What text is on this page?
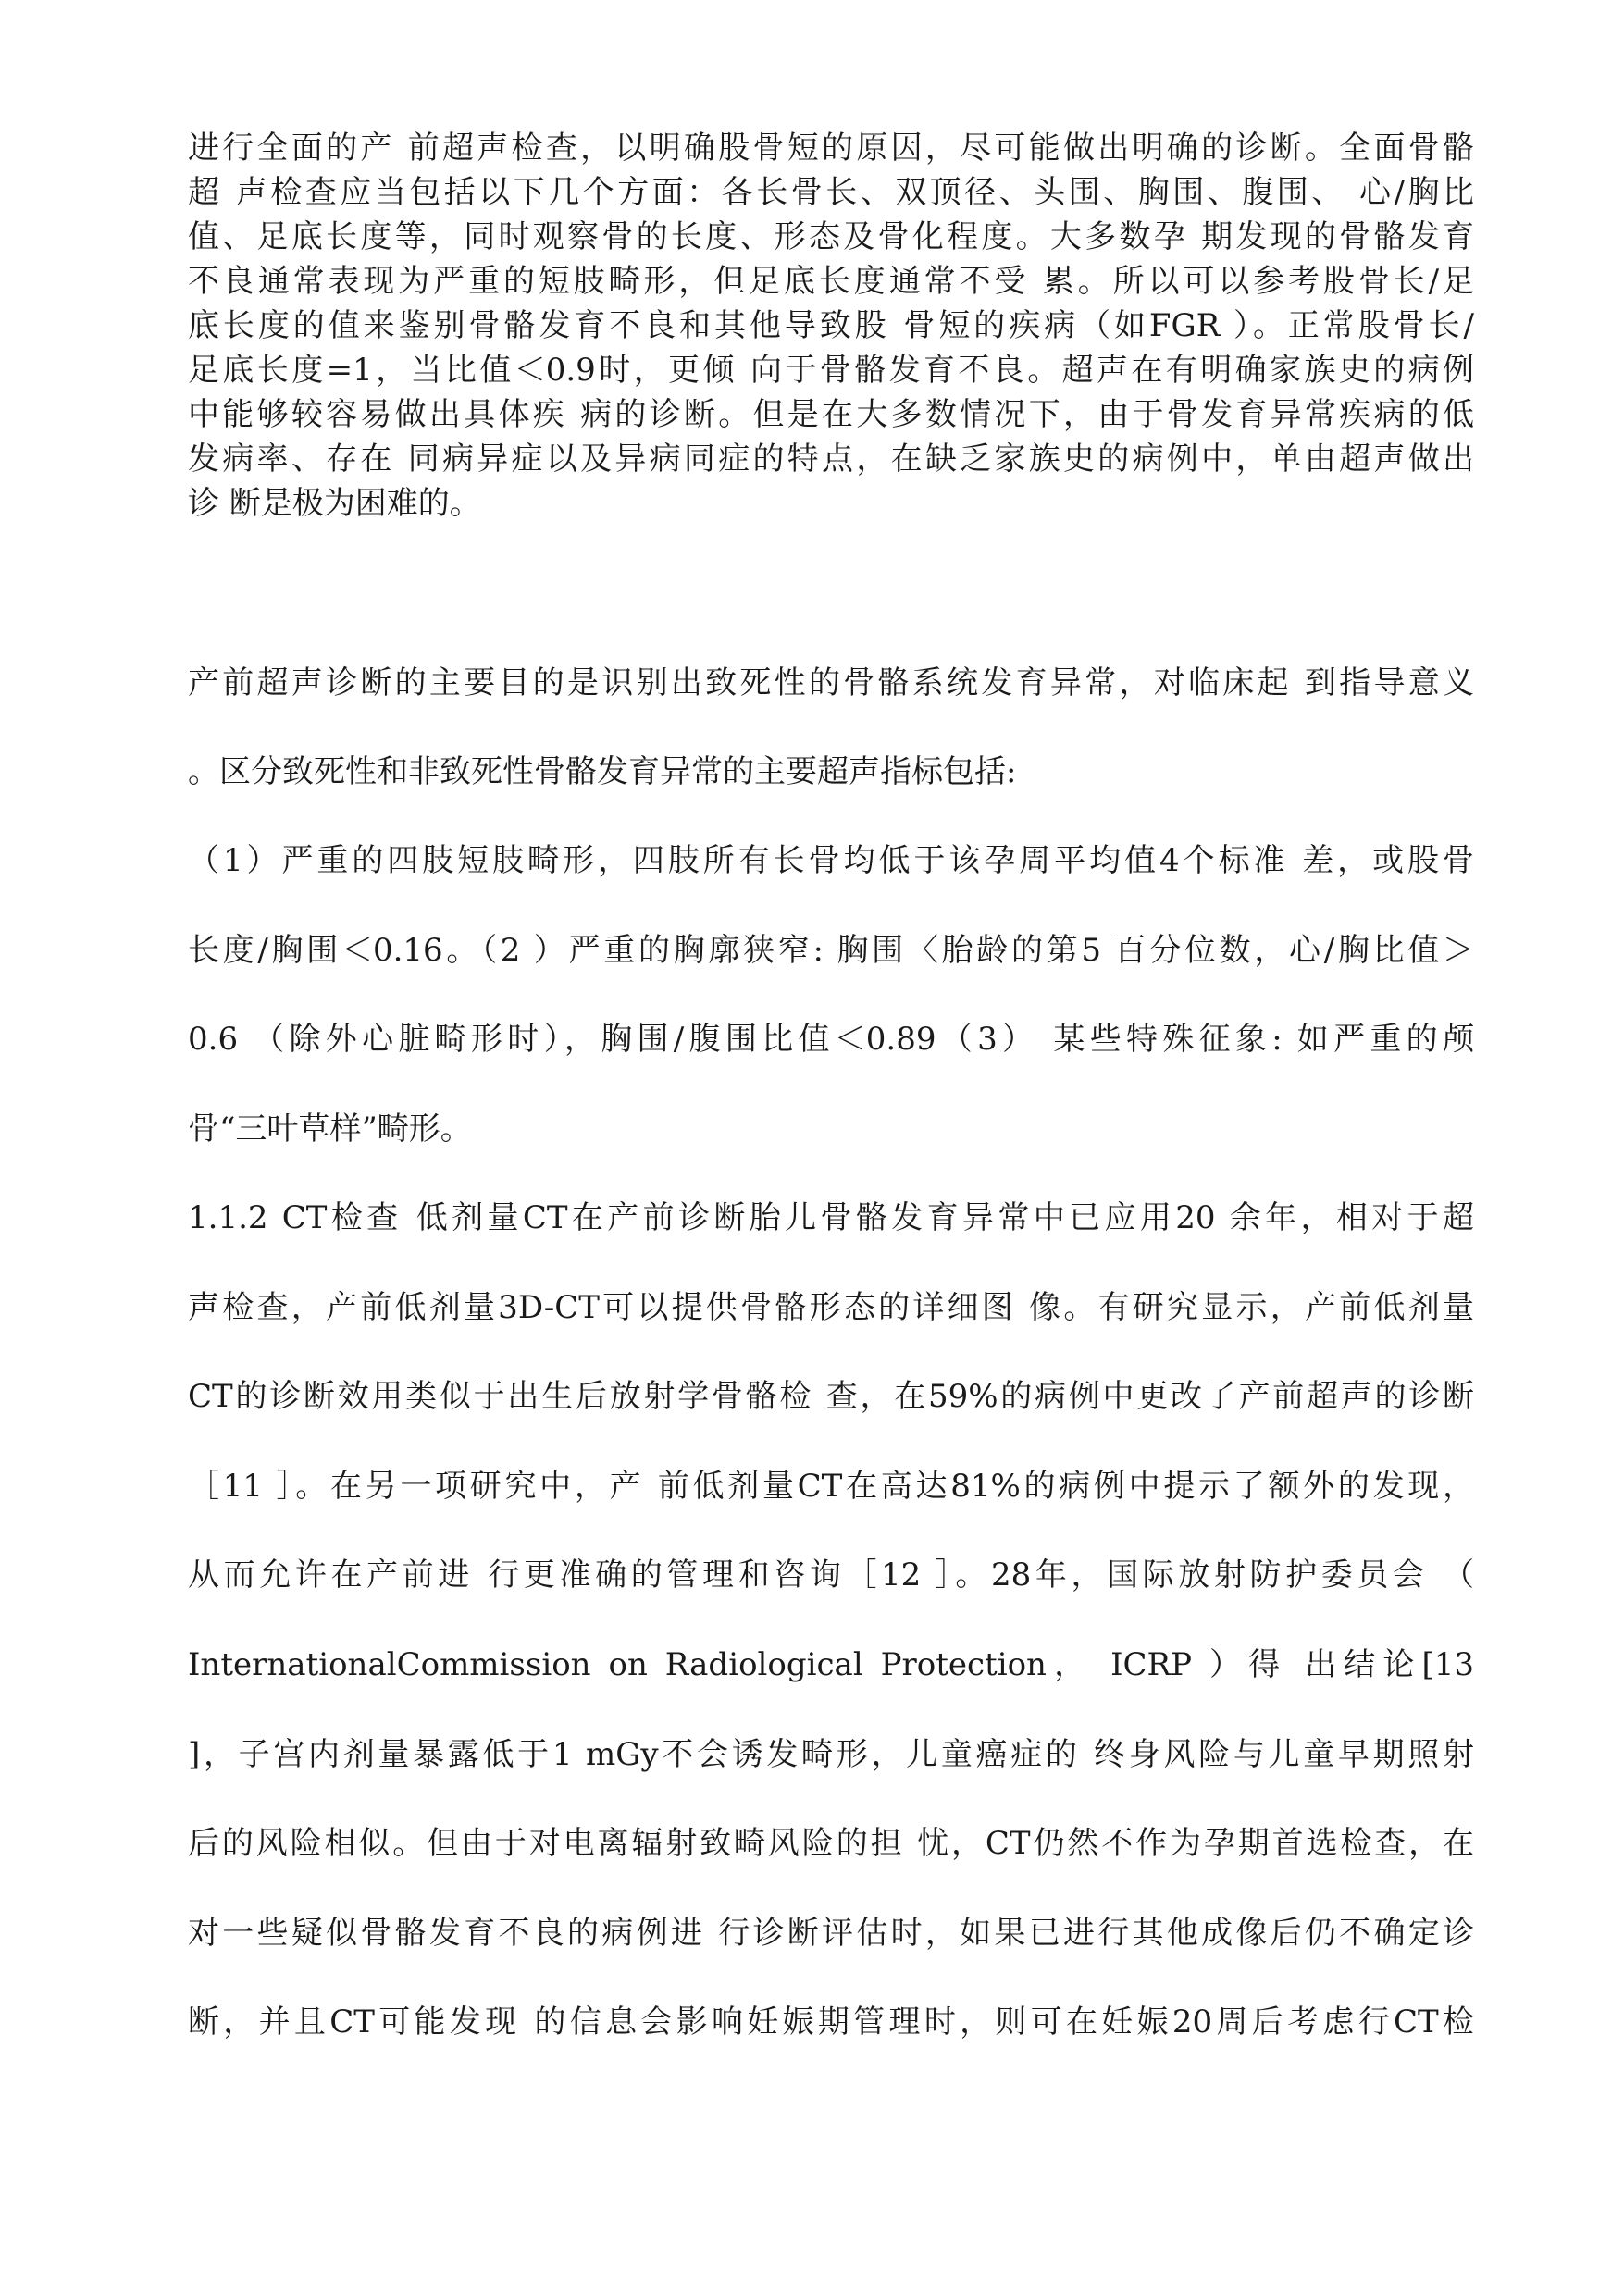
进行全面的产 前超声检查，以明确股骨短的原因，尽可能做出明确的诊断。全面骨骼
超 声检查应当包括以下几个方面：各长骨长、双顶径、头围、胸围、腹围、 心/胸比
值、足底长度等，同时观察骨的长度、形态及骨化程度。大多数孕 期发现的骨骼发育
不良通常表现为严重的短肢畸形，但足底长度通常不受 累。所以可以参考股骨长/足
底长度的值来鉴别骨骼发育不良和其他导致股 骨短的疾病（如FGR ）。正常股骨长/
足底长度=1，当比值＜0.9时，更倾 向于骨骼发育不良。超声在有明确家族史的病例
中能够较容易做出具体疾 病的诊断。但是在大多数情况下，由于骨发育异常疾病的低
发病率、存在 同病异症以及异病同症的特点，在缺乏家族史的病例中，单由超声做出
诊 断是极为困难的。
产前超声诊断的主要目的是识别出致死性的骨骼系统发育异常，对临床起 到指导意义
。区分致死性和非致死性骨骼发育异常的主要超声指标包括:
（1）严重的四肢短肢畸形，四肢所有长骨均低于该孕周平均值4个标准 差，或股骨
长度/胸围＜0.16。（2 ）严重的胸廓狭窄: 胸围〈胎龄的第5 百分位数，心/胸比值＞
0.6 （除外心脏畸形时），胸围/腹围比值＜0.89（3） 某些特殊征象: 如严重的颅
骨“三叶草样”畸形。
1.1.2 CT检查 低剂量CT在产前诊断胎儿骨骼发育异常中已应用20 余年，相对于超
声检查，产前低剂量3D-CT可以提供骨骼形态的详细图 像。有研究显示，产前低剂量
CT的诊断效用类似于出生后放射学骨骼检 查，在59%的病例中更改了产前超声的诊断
［11 ］。在另一项研究中，产 前低剂量CT在高达81%的病例中提示了额外的发现，
从而允许在产前进 行更准确的管理和咨询［12 ］。28年，国际放射防护委员会 （
InternationalCommission on Radiological Protection， ICRP ）得 出结论[13
]，子宫内剂量暴露低于1 mGy不会诱发畸形，儿童癌症的 终身风险与儿童早期照射
后的风险相似。但由于对电离辐射致畸风险的担 忧，CT仍然不作为孕期首选检查，在
对一些疑似骨骼发育不良的病例进 行诊断评估时，如果已进行其他成像后仍不确定诊
断，并且CT可能发现 的信息会影响妊娠期管理时，则可在妊娠20周后考虑行CT检
